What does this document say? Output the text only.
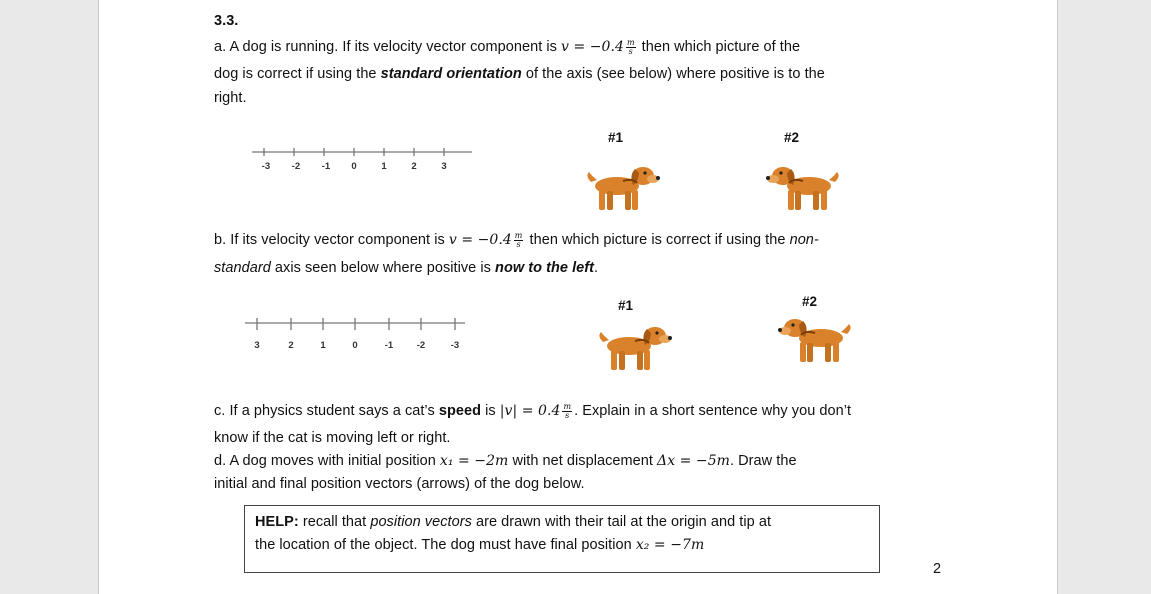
3.3.
a. A dog is running. If its velocity vector component is $v = -0.4 \frac{m}{s}$ then which picture of the
dog is correct if using the standard orientation of the axis (see below) where positive is to the
right.
-3	-2	-1	0	1	2	3
#1	#2
b. If its velocity vector component is $v = -0.4 \frac{m}{s}$ then which picture is correct if using the non-
standard axis seen below where positive is now to the left.
3	2	1	0	-1	-2	-3
#1	#2
c. If a physics student says a cat’s speed is $|v| = 0.4 \frac{m}{s}$ . Explain in a short sentence why you don’t
know if the cat is moving left or right.
d. A dog moves with initial position x₁ = −2m with net displacement Δx = −5m. Draw the
initial and final position vectors (arrows) of the dog below.
HELP: recall that position vectors are drawn with their tail at the origin and tip at
the location of the object. The dog must have final position x₂ = −7m
2
